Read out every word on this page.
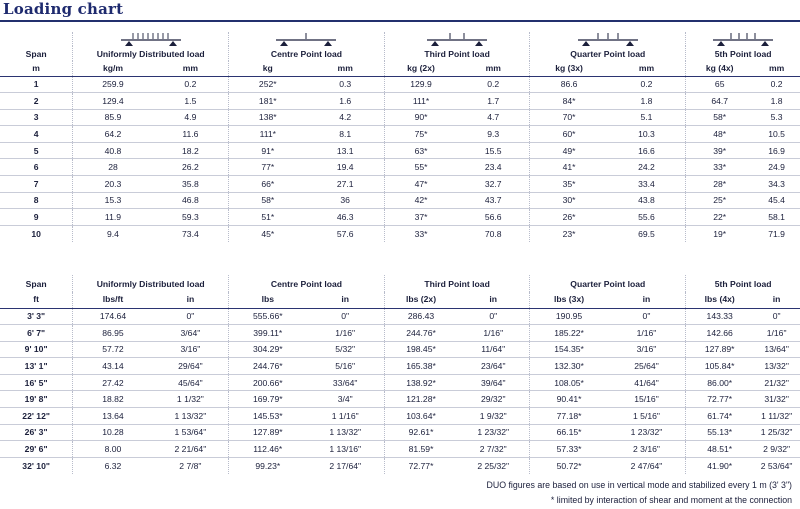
Loading chart

Span	Uniformly Distributed load		Centre Point load		Third Point load		Quarter Point load		5th Point load	
m	kg/m	mm	kg	mm	kg (2x)	mm	kg (3x)	mm	kg (4x)	mm
1	259.9	0.2	252*	0.3	129.9	0.2	86.6	0.2	65	0.2
2	129.4	1.5	181*	1.6	111*	1.7	84*	1.8	64.7	1.8
3	85.9	4.9	138*	4.2	90*	4.7	70*	5.1	58*	5.3
4	64.2	11.6	111*	8.1	75*	9.3	60*	10.3	48*	10.5
5	40.8	18.2	91*	13.1	63*	15.5	49*	16.6	39*	16.9
6	28	26.2	77*	19.4	55*	23.4	41*	24.2	33*	24.9
7	20.3	35.8	66*	27.1	47*	32.7	35*	33.4	28*	34.3
8	15.3	46.8	58*	36	42*	43.7	30*	43.8	25*	45.4
9	11.9	59.3	51*	46.3	37*	56.6	26*	55.6	22*	58.1
10	9.4	73.4	45*	57.6	33*	70.8	23*	69.5	19*	71.9
Span	Uniformly Distributed load		Centre Point load		Third Point load		Quarter Point load		5th Point load	
ft	lbs/ft	in	lbs	in	lbs (2x)	in	lbs (3x)	in	lbs (4x)	in
3' 3"	174.64	0"	555.66*	0"	286.43	0"	190.95	0"	143.33	0"
6' 7"	86.95	3/64"	399.11*	1/16"	244.76*	1/16"	185.22*	1/16"	142.66	1/16"
9' 10"	57.72	3/16"	304.29*	5/32"	198.45*	11/64"	154.35*	3/16"	127.89*	13/64"
13' 1"	43.14	29/64"	244.76*	5/16"	165.38*	23/64"	132.30*	25/64"	105.84*	13/32"
16' 5"	27.42	45/64"	200.66*	33/64"	138.92*	39/64"	108.05*	41/64"	86.00*	21/32"
19' 8"	18.82	1 1/32"	169.79*	3/4"	121.28*	29/32"	90.41*	15/16"	72.77*	31/32"
22' 12"	13.64	1 13/32"	145.53*	1 1/16"	103.64*	1 9/32"	77.18*	1 5/16"	61.74*	1 11/32"
26' 3"	10.28	1 53/64"	127.89*	1 13/32"	92.61*	1 23/32"	66.15*	1 23/32"	55.13*	1 25/32"
29' 6"	8.00	2 21/64"	112.46*	1 13/16"	81.59*	2 7/32"	57.33*	2 3/16"	48.51*	2 9/32"
32' 10"	6.32	2 7/8"	99.23*	2 17/64"	72.77*	2 25/32"	50.72*	2 47/64"	41.90*	2 53/64"
DUO figures are based on use in vertical mode and stabilized every 1 m (3' 3")
* limited by interaction of shear and moment at the connection
